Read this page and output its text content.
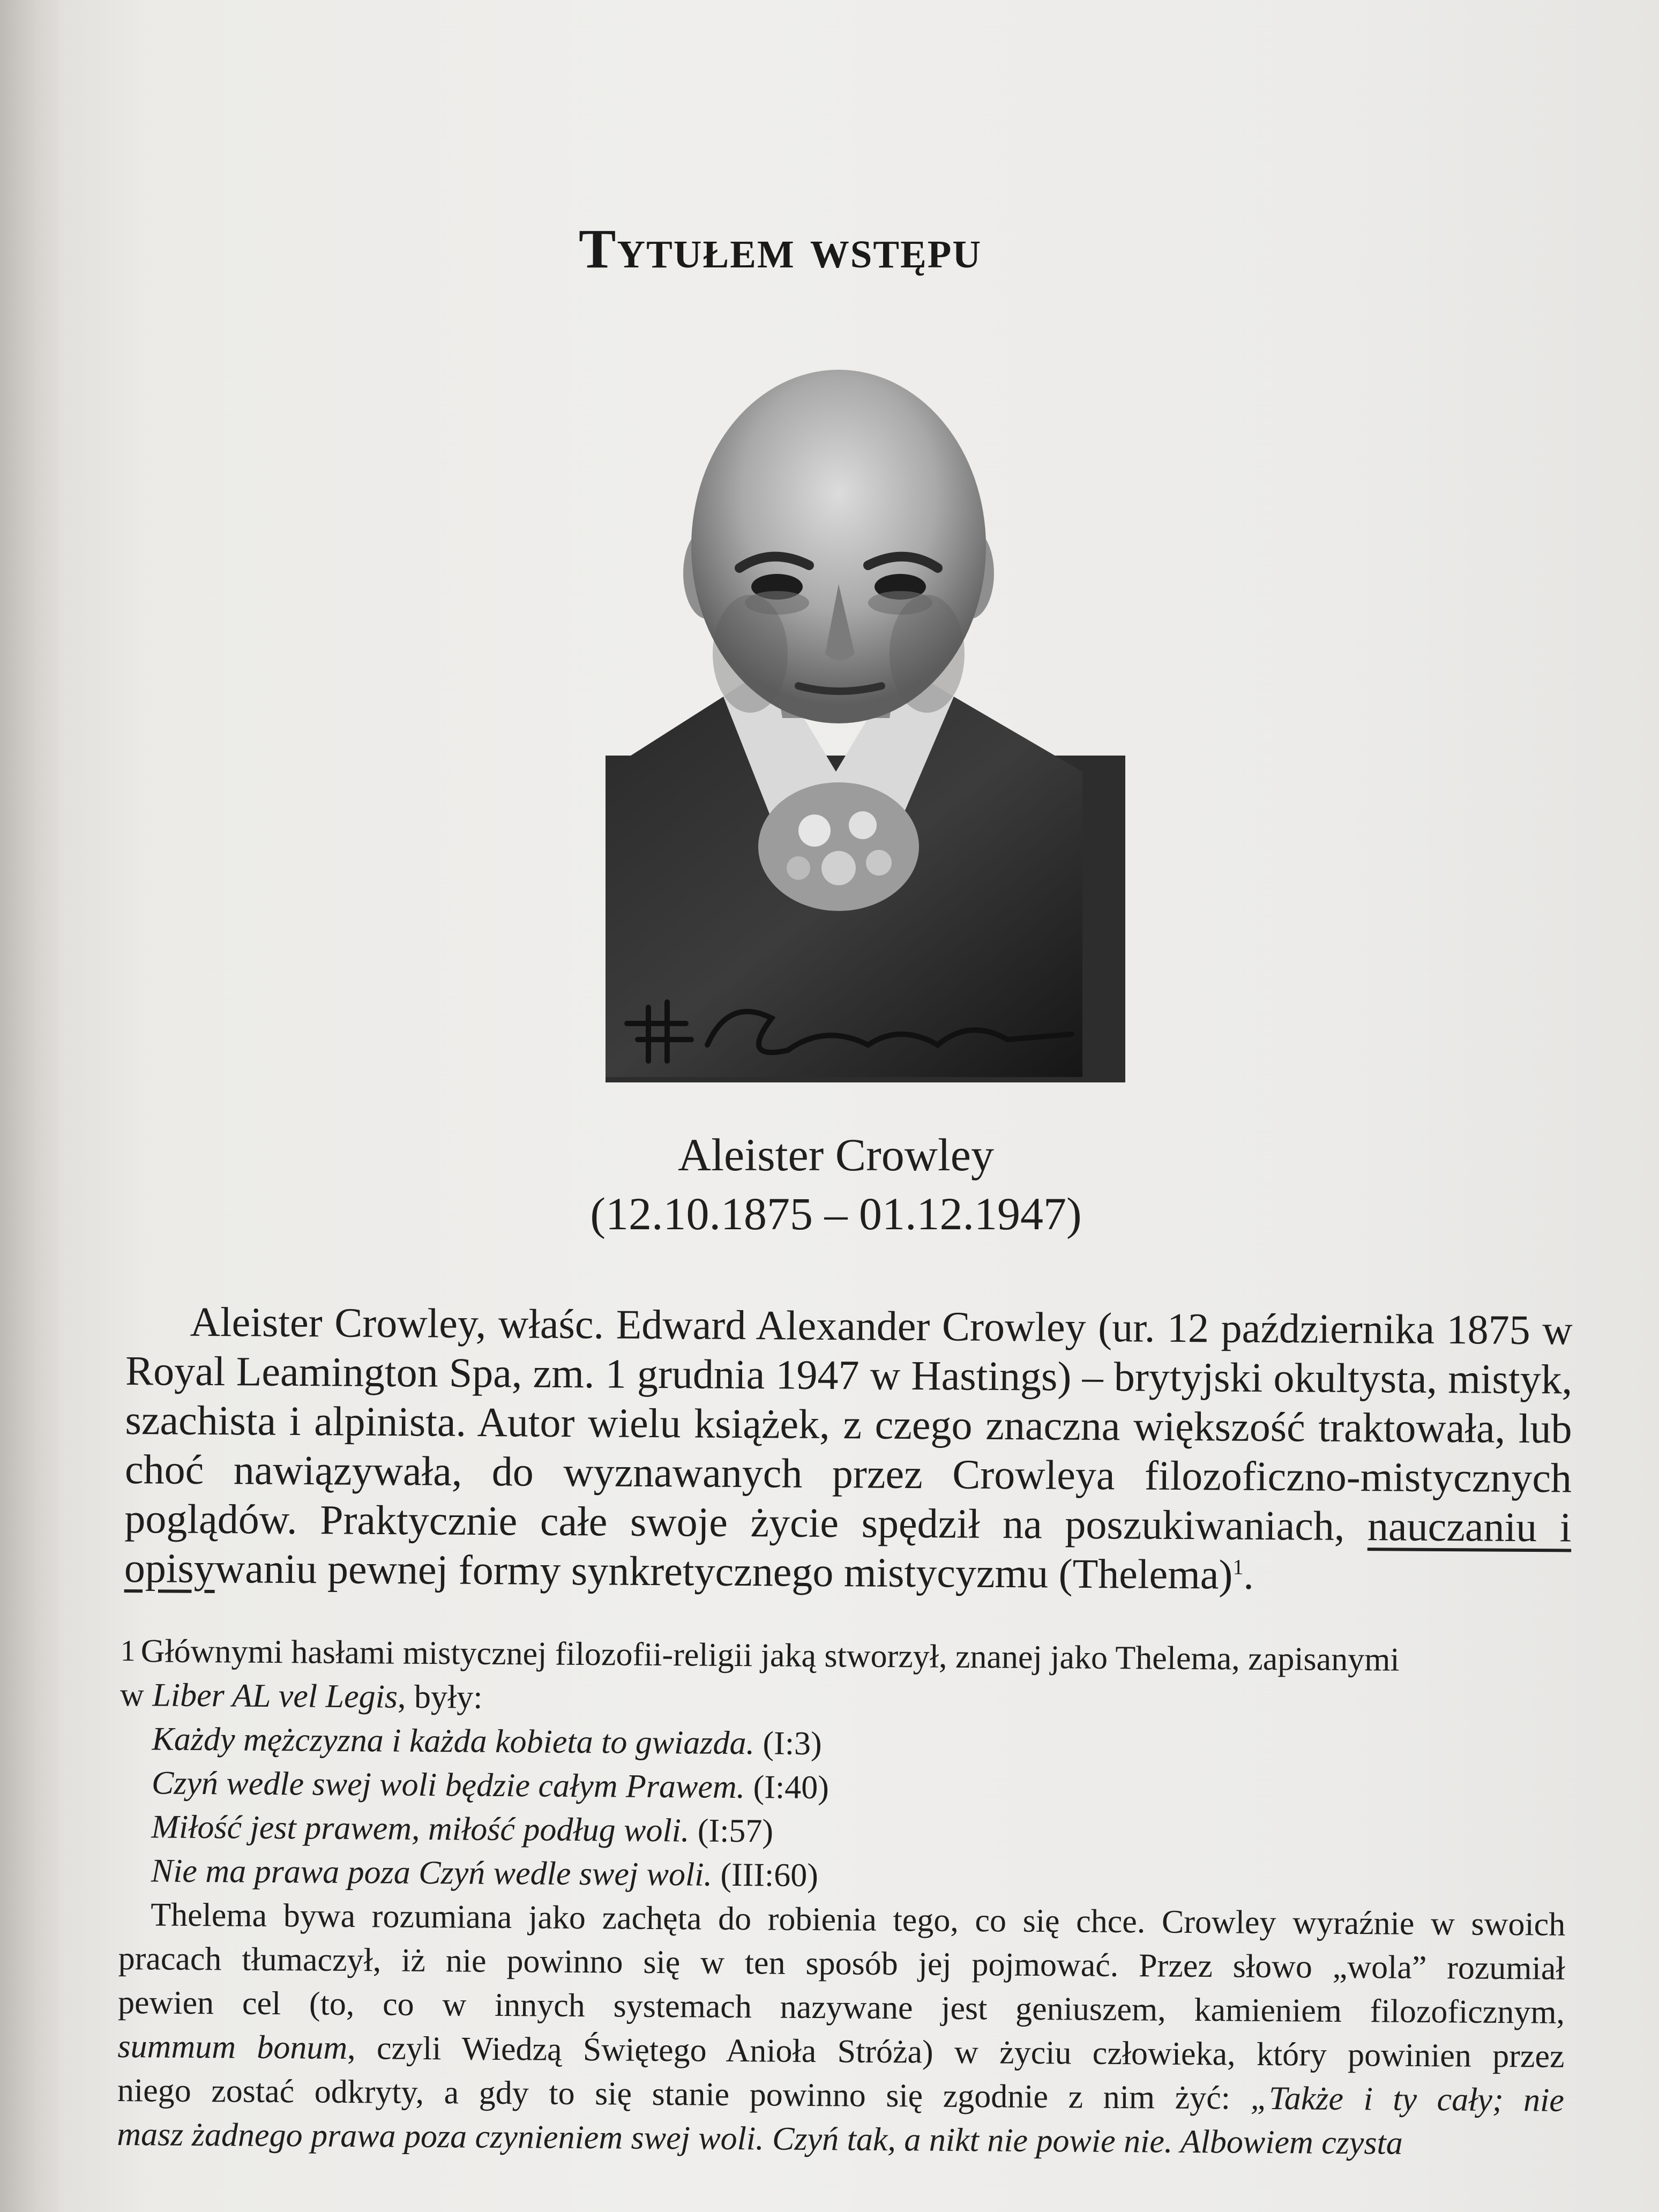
Tytułem wstępu
Aleister Crowley
(12.10.1875 – 01.12.1947)
Aleister Crowley, właśc. Edward Alexander Crowley (ur. 12 października 1875 w Royal Leamington Spa, zm. 1 grudnia 1947 w Hastings) – brytyjski okultysta, mistyk, szachista i alpinista. Autor wielu książek, z czego znaczna większość traktowała, lub choć nawiązywała, do wyznawanych przez Crowleya filozoficzno-mistycznych poglądów. Praktycznie całe swoje życie spędził na poszukiwaniach, nauczaniu i opisywaniu pewnej formy synkretycznego mistycyzmu (Thelema)$^1$.
1 Głównymi hasłami mistycznej filozofii-religii jaką stworzył, znanej jako Thelema, zapisanymi
w Liber AL vel Legis, były:
Każdy mężczyzna i każda kobieta to gwiazda. (I:3)
Czyń wedle swej woli będzie całym Prawem. (I:40)
Miłość jest prawem, miłość podług woli. (I:57)
Nie ma prawa poza Czyń wedle swej woli. (III:60)
Thelema bywa rozumiana jako zachęta do robienia tego, co się chce. Crowley wyraźnie w swoich
pracach tłumaczył, iż nie powinno się w ten sposób jej pojmować. Przez słowo „wola” rozumiał
pewien cel (to, co w innych systemach nazywane jest geniuszem, kamieniem filozoficznym,
summum bonum, czyli Wiedzą Świętego Anioła Stróża) w życiu człowieka, który powinien przez
niego zostać odkryty, a gdy to się stanie powinno się zgodnie z nim żyć: „Także i ty cały; nie
masz żadnego prawa poza czynieniem swej woli. Czyń tak, a nikt nie powie nie. Albowiem czysta
